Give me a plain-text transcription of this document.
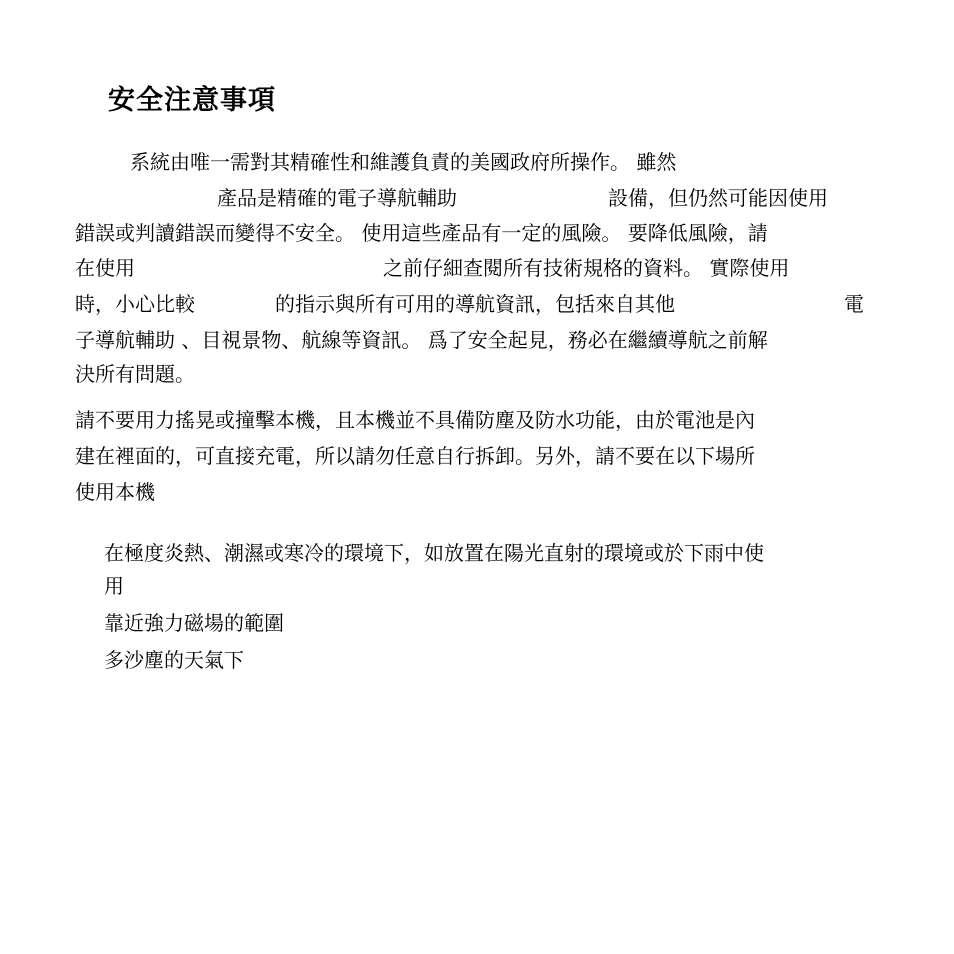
安全注意事項
系統由唯一需對其精確性和維護負責的美國政府所操作。 雖然
產品是精確的電子導航輔助	設備，但仍然可能因使用
錯誤或判讀錯誤而變得不安全。 使用這些產品有一定的風險。 要降低風險，請
在使用	之前仔細查閱所有技術規格的資料。 實際使用
時，小心比較	的指示與所有可用的導航資訊，包括來自其他	電
子導航輔助 、目視景物、航線等資訊。 爲了安全起見，務必在繼續導航之前解
決所有問題。
請不要用力搖晃或撞擊本機，且本機並不具備防塵及防水功能，由於電池是內
建在裡面的，可直接充電，所以請勿任意自行拆卸。另外，請不要在以下場所
使用本機
在極度炎熱、潮濕或寒冷的環境下，如放置在陽光直射的環境或於下雨中使
用
靠近強力磁場的範圍
多沙塵的天氣下
